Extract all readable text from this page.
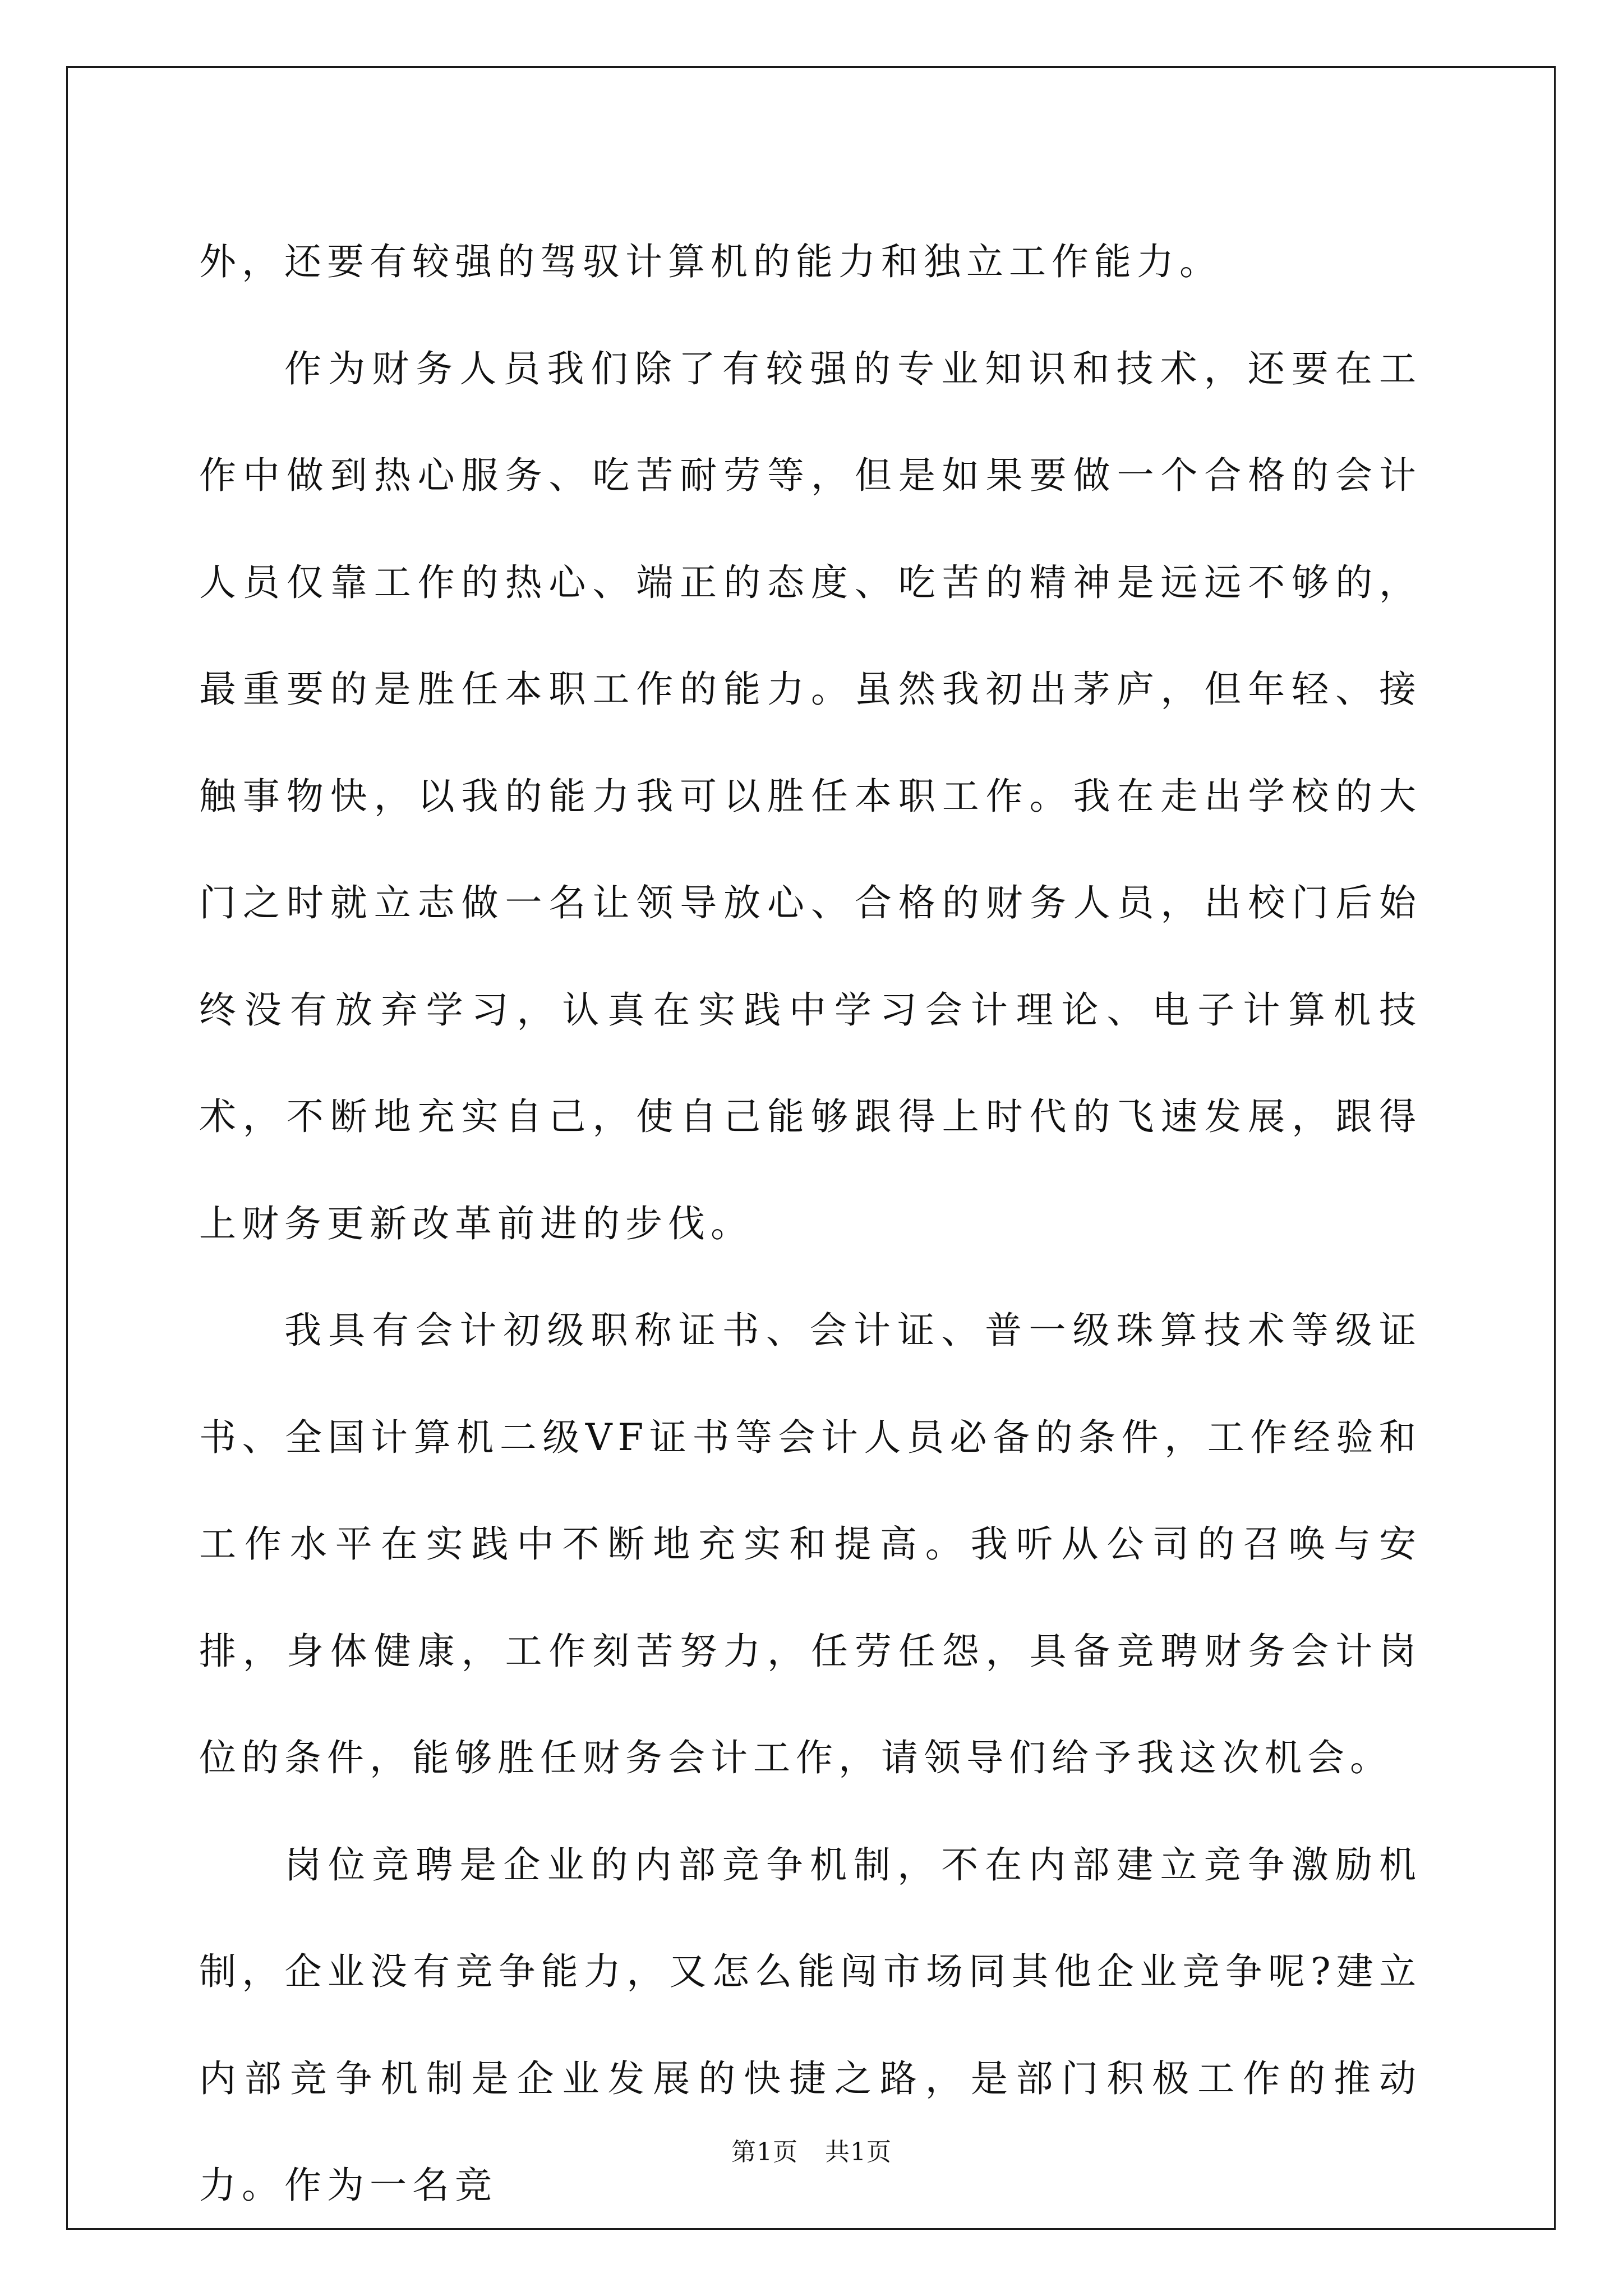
外，还要有较强的驾驭计算机的能力和独立工作能力。

作为财务人员我们除了有较强的专业知识和技术，还要在工作中做到热心服务、吃苦耐劳等，但是如果要做一个合格的会计人员仅靠工作的热心、端正的态度、吃苦的精神是远远不够的，最重要的是胜任本职工作的能力。虽然我初出茅庐，但年轻、接触事物快，以我的能力我可以胜任本职工作。我在走出学校的大门之时就立志做一名让领导放心、合格的财务人员，出校门后始终没有放弃学习，认真在实践中学习会计理论、电子计算机技术，不断地充实自己，使自己能够跟得上时代的飞速发展，跟得上财务更新改革前进的步伐。

我具有会计初级职称证书、会计证、普一级珠算技术等级证书、全国计算机二级VF证书等会计人员必备的条件，工作经验和工作水平在实践中不断地充实和提高。我听从公司的召唤与安排，身体健康，工作刻苦努力，任劳任怨，具备竞聘财务会计岗位的条件，能够胜任财务会计工作，请领导们给予我这次机会。

岗位竞聘是企业的内部竞争机制，不在内部建立竞争激励机制，企业没有竞争能力，又怎么能闯市场同其他企业竞争呢?建立内部竞争机制是企业发展的快捷之路，是部门积极工作的推动力。作为一名竞

第1页 共1页
